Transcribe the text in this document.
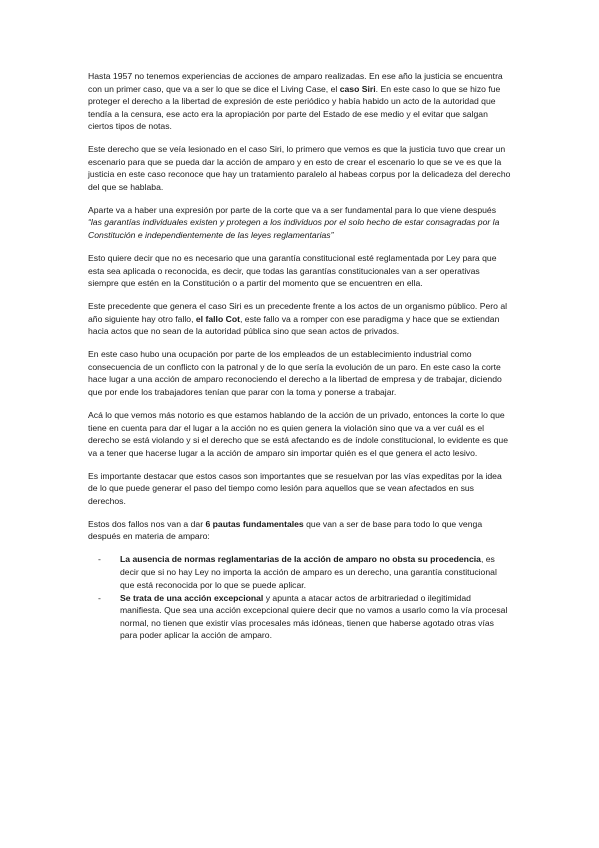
Hasta 1957 no tenemos experiencias de acciones de amparo realizadas. En ese año la justicia se encuentra con un primer caso, que va a ser lo que se dice el Living Case, el caso Siri. En este caso lo que se hizo fue proteger el derecho a la libertad de expresión de este periódico y había habido un acto de la autoridad que tendía a la censura, ese acto era la apropiación por parte del Estado de ese medio y el evitar que salgan ciertos tipos de notas.

Este derecho que se veía lesionado en el caso Siri, lo primero que vemos es que la justicia tuvo que crear un escenario para que se pueda dar la acción de amparo y en esto de crear el escenario lo que se ve es que la justicia en este caso reconoce que hay un tratamiento paralelo al habeas corpus por la delicadeza del derecho del que se hablaba.

Aparte va a haber una expresión por parte de la corte que va a ser fundamental para lo que viene después “las garantías individuales existen y protegen a los individuos por el solo hecho de estar consagradas por la Constitución e independientemente de las leyes reglamentarias”

Esto quiere decir que no es necesario que una garantía constitucional esté reglamentada por Ley para que esta sea aplicada o reconocida, es decir, que todas las garantías constitucionales van a ser operativas siempre que estén en la Constitución o a partir del momento que se encuentren en ella.

Este precedente que genera el caso Siri es un precedente frente a los actos de un organismo público. Pero al año siguiente hay otro fallo, el fallo Cot, este fallo va a romper con ese paradigma y hace que se extiendan hacia actos que no sean de la autoridad pública sino que sean actos de privados.

En este caso hubo una ocupación por parte de los empleados de un establecimiento industrial como consecuencia de un conflicto con la patronal y de lo que sería la evolución de un paro. En este caso la corte hace lugar a una acción de amparo reconociendo el derecho a la libertad de empresa y de trabajar, diciendo que por ende los trabajadores tenían que parar con la toma y ponerse a trabajar.

Acá lo que vemos más notorio es que estamos hablando de la acción de un privado, entonces la corte lo que tiene en cuenta para dar el lugar a la acción no es quien genera la violación sino que va a ver cuál es el derecho se está violando y si el derecho que se está afectando es de índole constitucional, lo evidente es que va a tener que hacerse lugar a la acción de amparo sin importar quién es el que genera el acto lesivo.

Es importante destacar que estos casos son importantes que se resuelvan por las vías expeditas por la idea de lo que puede generar el paso del tiempo como lesión para aquellos que se vean afectados en sus derechos.

Estos dos fallos nos van a dar 6 pautas fundamentales que van a ser de base para todo lo que venga después en materia de amparo:

- La ausencia de normas reglamentarias de la acción de amparo no obsta su procedencia, es decir que si no hay Ley no importa la acción de amparo es un derecho, una garantía constitucional que está reconocida por lo que se puede aplicar.
- Se trata de una acción excepcional y apunta a atacar actos de arbitrariedad o ilegitimidad manifiesta. Que sea una acción excepcional quiere decir que no vamos a usarlo como la vía procesal normal, no tienen que existir vías procesales más idóneas, tienen que haberse agotado otras vías para poder aplicar la acción de amparo.
